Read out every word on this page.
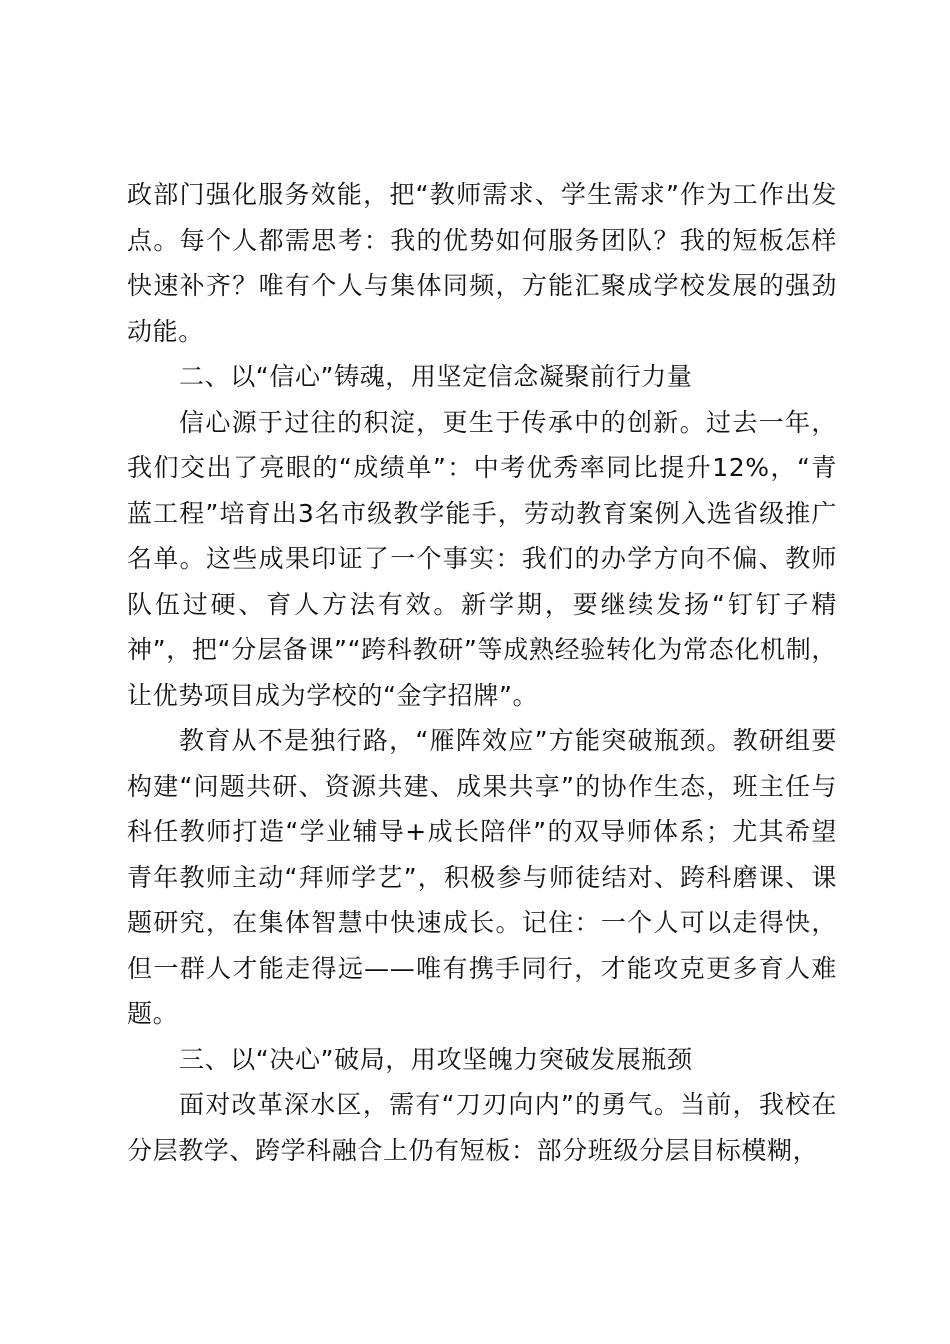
政部门强化服务效能，把“教师需求、学生需求”作为工作出发点。每个人都需思考：我的优势如何服务团队？我的短板怎样快速补齐？唯有个人与集体同频，方能汇聚成学校发展的强劲动能。

二、以“信心”铸魂，用坚定信念凝聚前行力量

信心源于过往的积淀，更生于传承中的创新。过去一年，我们交出了亮眼的“成绩单”：中考优秀率同比提升12%，“青蓝工程”培育出3名市级教学能手，劳动教育案例入选省级推广名单。这些成果印证了一个事实：我们的办学方向不偏、教师队伍过硬、育人方法有效。新学期，要继续发扬“钉钉子精神”，把“分层备课”“跨科教研”等成熟经验转化为常态化机制，让优势项目成为学校的“金字招牌”。

教育从不是独行路，“雁阵效应”方能突破瓶颈。教研组要构建“问题共研、资源共建、成果共享”的协作生态，班主任与科任教师打造“学业辅导+成长陪伴”的双导师体系；尤其希望青年教师主动“拜师学艺”，积极参与师徒结对、跨科磨课、课题研究，在集体智慧中快速成长。记住：一个人可以走得快，但一群人才能走得远——唯有携手同行，才能攻克更多育人难题。

三、以“决心”破局，用攻坚魄力突破发展瓶颈

面对改革深水区，需有“刀刃向内”的勇气。当前，我校在分层教学、跨学科融合上仍有短板：部分班级分层目标模糊，
